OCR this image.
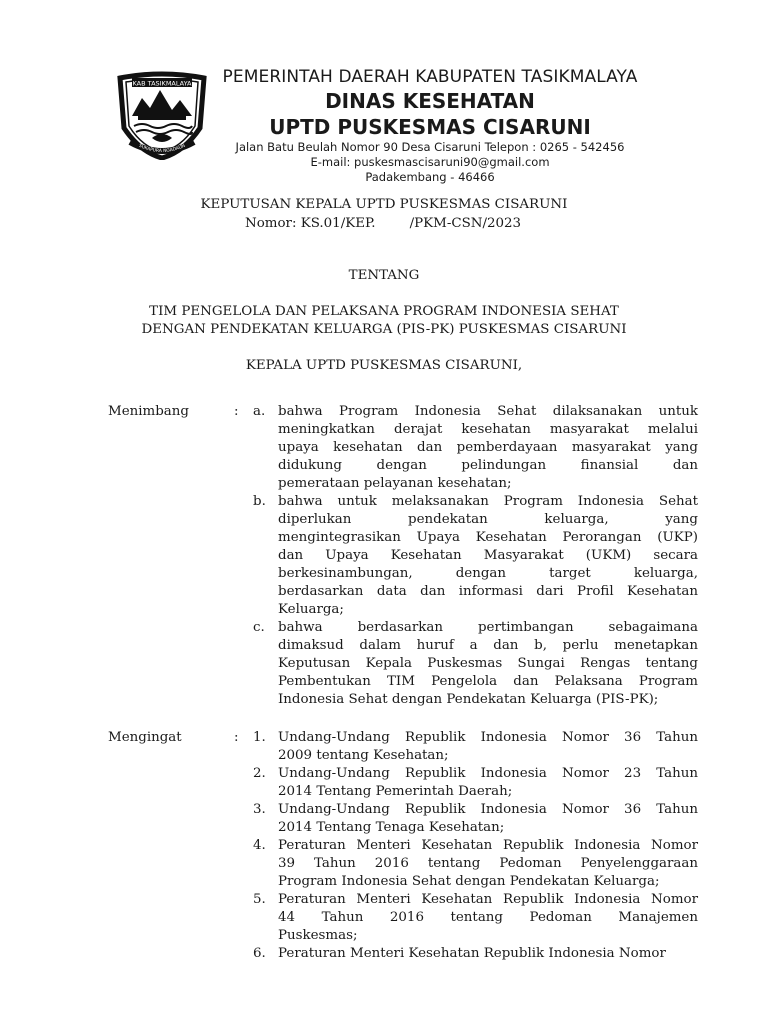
KAB TASIKMALAYA
SUKAPURA NGADAUN
PEMERINTAH DAERAH KABUPATEN TASIKMALAYA
DINAS KESEHATAN
UPTD PUSKESMAS CISARUNI
Jalan Batu Beulah Nomor 90 Desa Cisaruni Telepon : 0265 - 542456
E-mail: puskesmascisaruni90@gmail.com
Padakembang - 46466
KEPUTUSAN KEPALA UPTD PUSKESMAS CISARUNI
Nomor: KS.01/KEP.        /PKM-CSN/2023
TENTANG
TIM PENGELOLA DAN PELAKSANA PROGRAM INDONESIA SEHAT
DENGAN PENDEKATAN KELUARGA (PIS-PK) PUSKESMAS CISARUNI
KEPALA UPTD PUSKESMAS CISARUNI,
Menimbang	: a. bahwa Program Indonesia Sehat dilaksanakan untuk

meningkatkan derajat kesehatan masyarakat melalui

upaya kesehatan dan pemberdayaan masyarakat yang

didukung dengan pelindungan finansial dan

pemerataan pelayanan kesehatan;

b. bahwa untuk melaksanakan Program Indonesia Sehat

diperlukan pendekatan keluarga, yang

mengintegrasikan Upaya Kesehatan Perorangan (UKP)

dan Upaya Kesehatan Masyarakat (UKM) secara

berkesinambungan, dengan target keluarga,

berdasarkan data dan informasi dari Profil Kesehatan

Keluarga;

c. bahwa berdasarkan pertimbangan sebagaimana

dimaksud dalam huruf a dan b, perlu menetapkan

Keputusan Kepala Puskesmas Sungai Rengas tentang

Pembentukan TIM Pengelola dan Pelaksana Program

Indonesia Sehat dengan Pendekatan Keluarga (PIS-PK);

Mengingat	: 1. Undang-Undang Republik Indonesia Nomor 36 Tahun

2009 tentang Kesehatan;

2. Undang-Undang Republik Indonesia Nomor 23 Tahun

2014 Tentang Pemerintah Daerah;

3. Undang-Undang Republik Indonesia Nomor 36 Tahun

2014 Tentang Tenaga Kesehatan;

4. Peraturan Menteri Kesehatan Republik Indonesia Nomor

39 Tahun 2016 tentang Pedoman Penyelenggaraan

Program Indonesia Sehat dengan Pendekatan Keluarga;

5. Peraturan Menteri Kesehatan Republik Indonesia Nomor

44 Tahun 2016 tentang Pedoman Manajemen

Puskesmas;

6. Peraturan Menteri Kesehatan Republik Indonesia Nomor
